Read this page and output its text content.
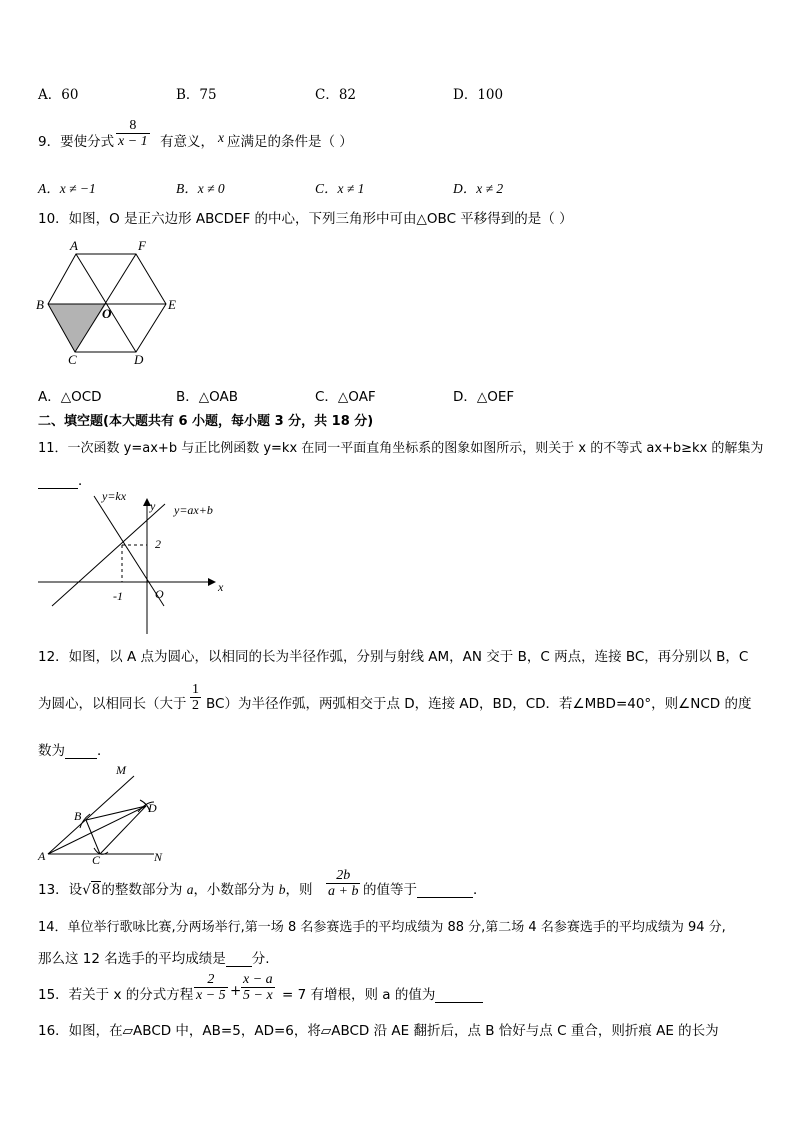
A．60	B．75	C．82	D．100
9．要使分式 $\frac{8}{x - 1}$ 有意义， x 应满足的条件是（ ）
A．x ≠ −1	B．x ≠ 0	C．x ≠ 1	D．x ≠ 2
10．如图，O 是正六边形 ABCDEF 的中心，下列三角形中可由△OBC 平移得到的是（ ）
A	F
B
O
E
C	D
A．△OCD	B．△OAB	C．△OAF	D．△OEF
二、填空题(本大题共有 6 小题，每小题 3 分，共 18 分)
11．一次函数 y=ax+b 与正比例函数 y=kx 在同一平面直角坐标系的图象如图所示，则关于 x 的不等式 ax+b≥kx 的解集为
．
y=kx
y=ax+b
y
x
2
-1	O
12．如图，以 A 点为圆心，以相同的长为半径作弧，分别与射线 AM，AN 交于 B，C 两点，连接 BC，再分别以 B，C
为圆心，以相同长（大于 $\frac{1}{2} BC$）为半径作弧，两弧相交于点 D，连接 AD，BD，CD．若∠MBD=40°，则∠NCD 的度
数为 ．
M
D
B
A	C	N
13．设√8的整数部分为 a，小数部分为 b，则 $\frac{2b}{a + b}$ 的值等于	．
14．单位举行歌咏比赛,分两场举行,第一场 8 名参赛选手的平均成绩为 88 分,第二场 4 名参赛选手的平均成绩为 94 分,
那么这 12 名选手的平均成绩是 分.
15．若关于 x 的分式方程 $\frac{2}{x - 5} + \frac{x - a}{5 - x} = 7$ 有增根，则 a 的值为
16．如图，在▱ABCD 中，AB=5，AD=6，将▱ABCD 沿 AE 翻折后，点 B 恰好与点 C 重合，则折痕 AE 的长为
